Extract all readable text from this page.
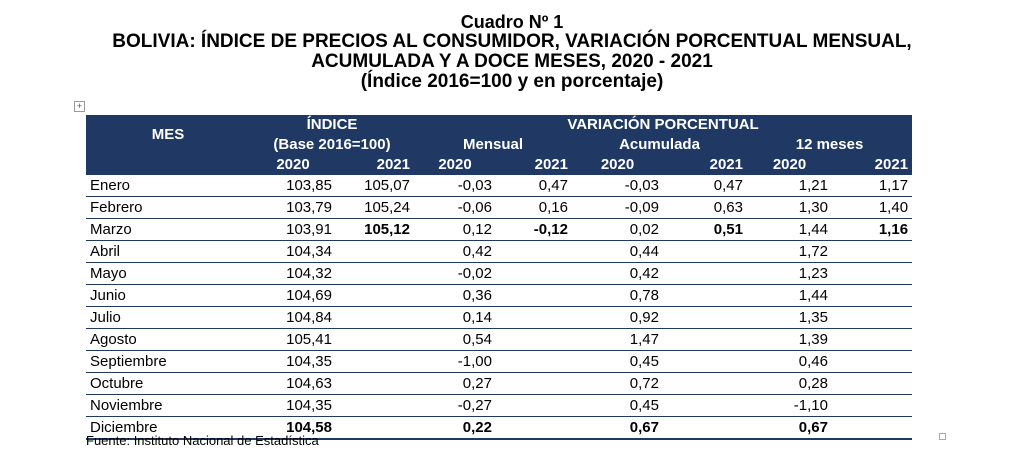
Cuadro Nº 1
BOLIVIA: ÍNDICE DE PRECIOS AL CONSUMIDOR, VARIACIÓN PORCENTUAL MENSUAL,
ACUMULADA Y A DOCE MESES, 2020 - 2021
(Índice 2016=100 y en porcentaje)
+
MES	ÍNDICE		VARIACIÓN PORCENTUAL					
	(Base 2016=100)		Mensual		Acumulada		12 meses	
	2020	2021	2020	2021	2020	2021	2020	2021
Enero	103,85	105,07	-0,03	0,47	-0,03	0,47	1,21	1,17
Febrero	103,79	105,24	-0,06	0,16	-0,09	0,63	1,30	1,40
Marzo	103,91	105,12	0,12	-0,12	0,02	0,51	1,44	1,16
Abril	104,34		0,42		0,44		1,72	
Mayo	104,32		-0,02		0,42		1,23	
Junio	104,69		0,36		0,78		1,44	
Julio	104,84		0,14		0,92		1,35	
Agosto	105,41		0,54		1,47		1,39	
Septiembre	104,35		-1,00		0,45		0,46	
Octubre	104,63		0,27		0,72		0,28	
Noviembre	104,35		-0,27		0,45		-1,10	
Diciembre	104,58		0,22		0,67		0,67	
Fuente: Instituto Nacional de Estadística
